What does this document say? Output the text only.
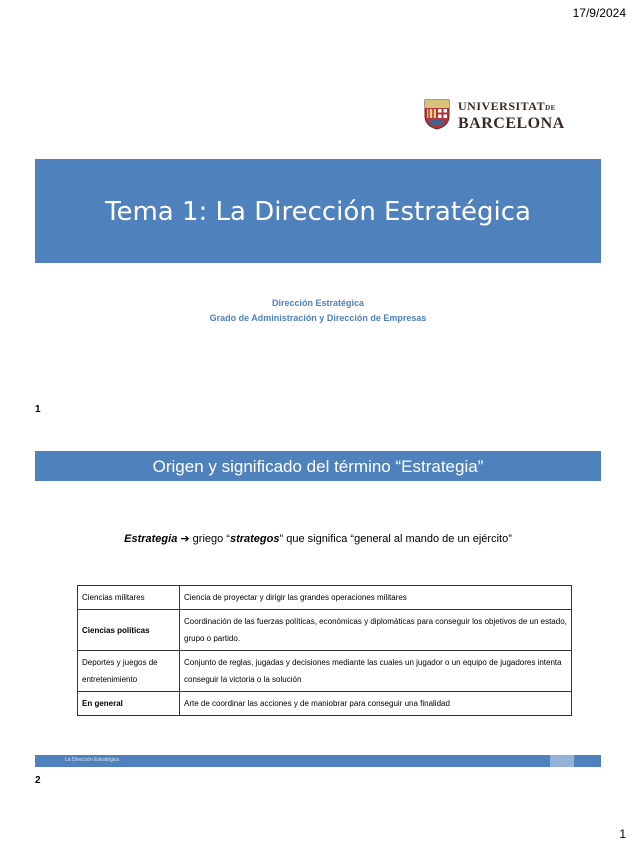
17/9/2024
UNIVERSITATDE
BARCELONA
Tema 1: La Dirección Estratégica
Dirección Estratégica
Grado de Administración y Dirección de Empresas
1
Origen y significado del término “Estrategia”
Estrategia ➔ griego “strategos” que significa “general al mando de un ejército”
Ciencias militares	Ciencia de proyectar y dirigir las grandes operaciones militares
Ciencias políticas	Coordinación de las fuerzas políticas, económicas y diplomáticas para conseguir los objetivos de un estado, grupo o partido.
Deportes y juegos de entretenimiento	Conjunto de reglas, jugadas y decisiones mediante las cuales un jugador o un equipo de jugadores intenta conseguir la victoria o la solución
En general	Arte de coordinar las acciones y de maniobrar para conseguir una finalidad
La Dirección Estratégica
2
1
